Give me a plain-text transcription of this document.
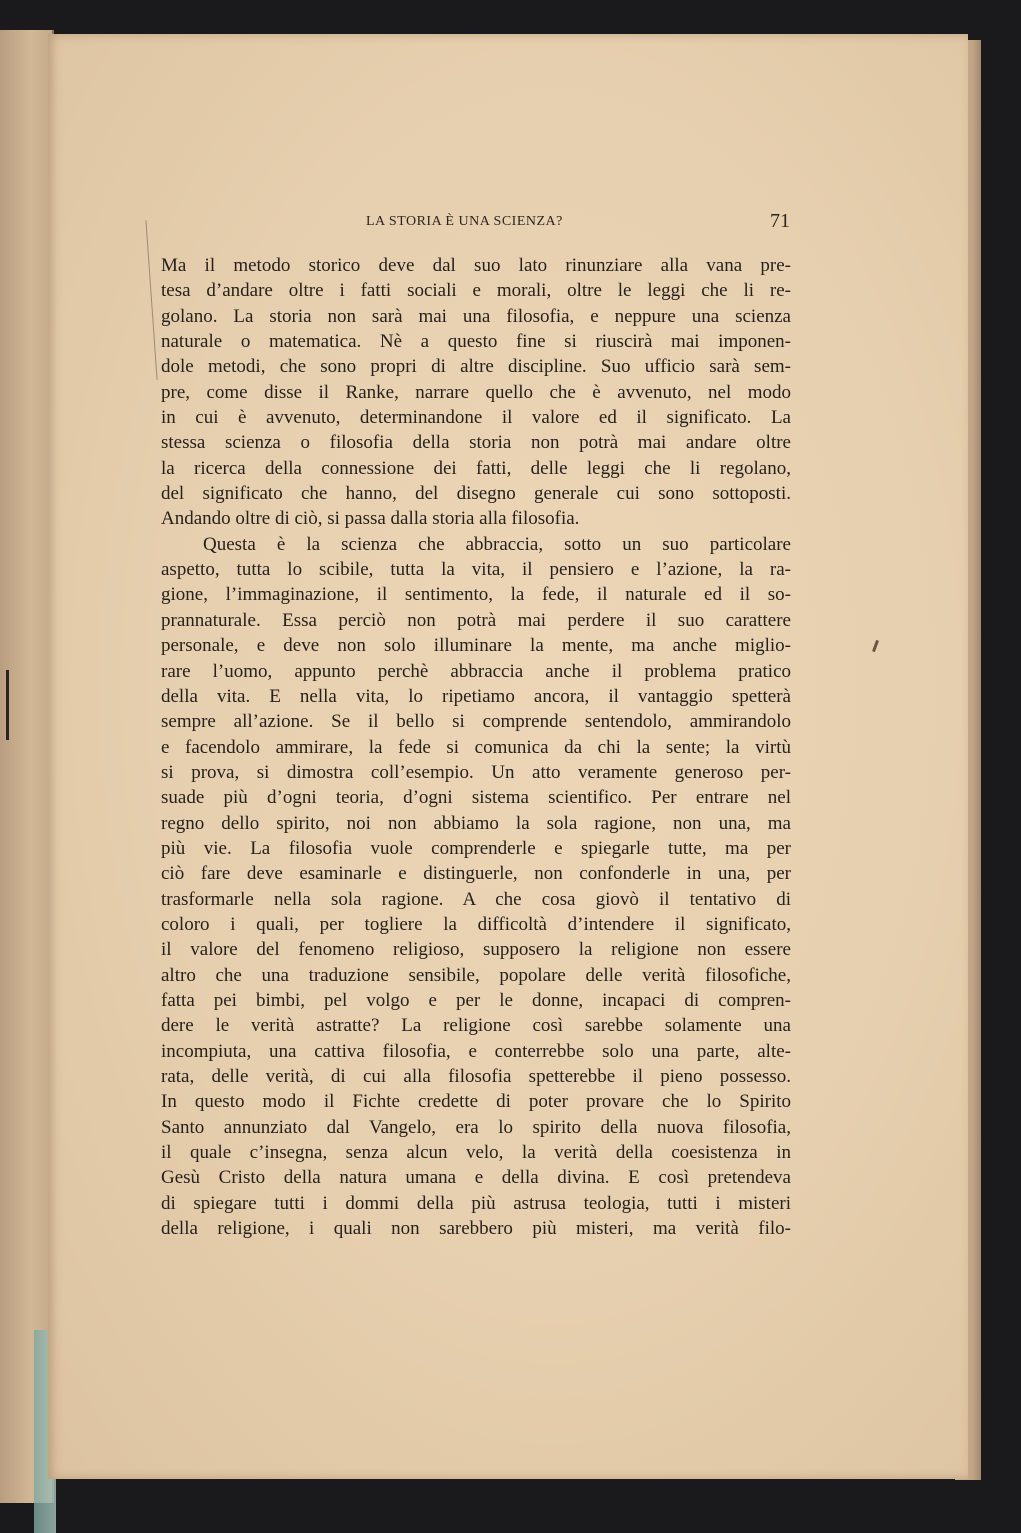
LA STORIA È UNA SCIENZA?	71
Ma il metodo storico deve dal suo lato rinunziare alla vana pre-
tesa d’andare oltre i fatti sociali e morali, oltre le leggi che li re-
golano. La storia non sarà mai una filosofia, e neppure una scienza
naturale o matematica. Nè a questo fine si riuscirà mai imponen-
dole metodi, che sono propri di altre discipline. Suo ufficio sarà sem-
pre, come disse il Ranke, narrare quello che è avvenuto, nel modo
in cui è avvenuto, determinandone il valore ed il significato. La
stessa scienza o filosofia della storia non potrà mai andare oltre
la ricerca della connessione dei fatti, delle leggi che li regolano,
del significato che hanno, del disegno generale cui sono sottoposti.
Andando oltre di ciò, si passa dalla storia alla filosofia.
Questa è la scienza che abbraccia, sotto un suo particolare
aspetto, tutta lo scibile, tutta la vita, il pensiero e l’azione, la ra-
gione, l’immaginazione, il sentimento, la fede, il naturale ed il so-
prannaturale. Essa perciò non potrà mai perdere il suo carattere
personale, e deve non solo illuminare la mente, ma anche miglio-
rare l’uomo, appunto perchè abbraccia anche il problema pratico
della vita. E nella vita, lo ripetiamo ancora, il vantaggio spetterà
sempre all’azione. Se il bello si comprende sentendolo, ammirandolo
e facendolo ammirare, la fede si comunica da chi la sente; la virtù
si prova, si dimostra coll’esempio. Un atto veramente generoso per-
suade più d’ogni teoria, d’ogni sistema scientifico. Per entrare nel
regno dello spirito, noi non abbiamo la sola ragione, non una, ma
più vie. La filosofia vuole comprenderle e spiegarle tutte, ma per
ciò fare deve esaminarle e distinguerle, non confonderle in una, per
trasformarle nella sola ragione. A che cosa giovò il tentativo di
coloro i quali, per togliere la difficoltà d’intendere il significato,
il valore del fenomeno religioso, supposero la religione non essere
altro che una traduzione sensibile, popolare delle verità filosofiche,
fatta pei bimbi, pel volgo e per le donne, incapaci di compren-
dere le verità astratte? La religione così sarebbe solamente una
incompiuta, una cattiva filosofia, e conterrebbe solo una parte, alte-
rata, delle verità, di cui alla filosofia spetterebbe il pieno possesso.
In questo modo il Fichte credette di poter provare che lo Spirito
Santo annunziato dal Vangelo, era lo spirito della nuova filosofia,
il quale c’insegna, senza alcun velo, la verità della coesistenza in
Gesù Cristo della natura umana e della divina. E così pretendeva
di spiegare tutti i dommi della più astrusa teologia, tutti i misteri
della religione, i quali non sarebbero più misteri, ma verità filo-
